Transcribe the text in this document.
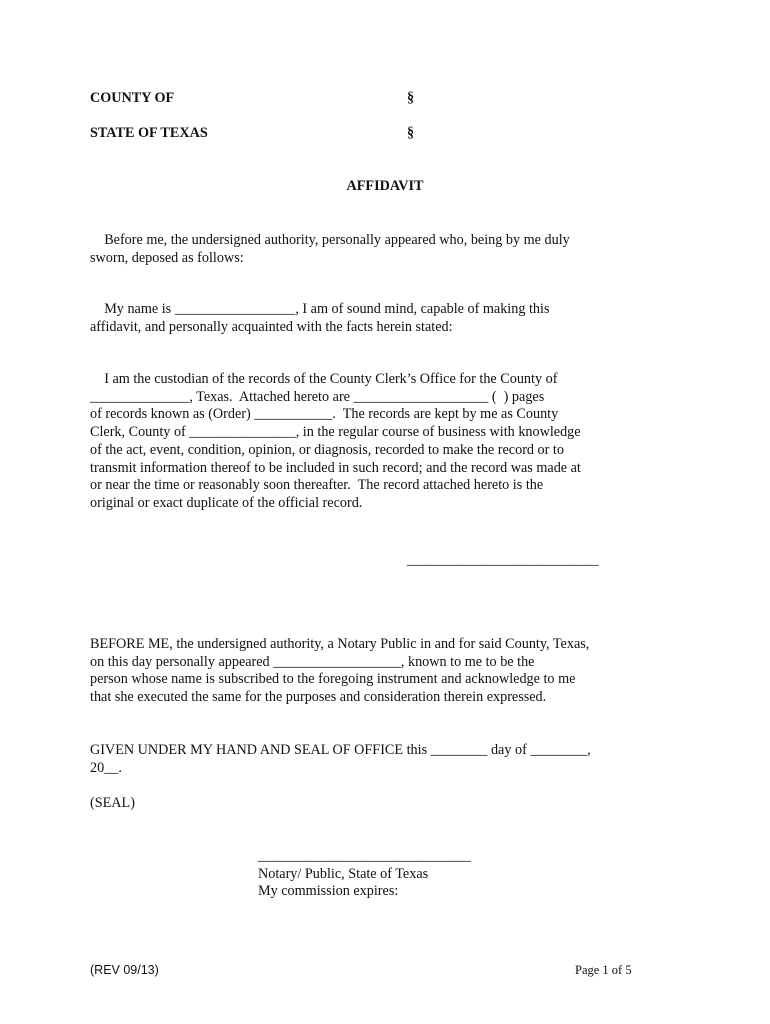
COUNTY OF	§
STATE OF TEXAS	§
AFFIDAVIT

Before me, the undersigned authority, personally appeared who, being by me duly

sworn, deposed as follows:

My name is _________________, I am of sound mind, capable of making this

affidavit, and personally acquainted with the facts herein stated:

I am the custodian of the records of the County Clerk’s Office for the County of

______________, Texas.  Attached hereto are ___________________ (  ) pages

of records known as (Order) ___________.  The records are kept by me as County

Clerk, County of _______________, in the regular course of business with knowledge

of the act, event, condition, opinion, or diagnosis, recorded to make the record or to

transmit information thereof to be included in such record; and the record was made at

or near the time or reasonably soon thereafter.  The record attached hereto is the

original or exact duplicate of the official record.

___________________________

BEFORE ME, the undersigned authority, a Notary Public in and for said County, Texas,

on this day personally appeared __________________, known to me to be the

person whose name is subscribed to the foregoing instrument and acknowledge to me

that she executed the same for the purposes and consideration therein expressed.

GIVEN UNDER MY HAND AND SEAL OF OFFICE this ________ day of ________,

20__.

(SEAL)
______________________________
Notary/ Public, State of Texas
My commission expires:
(REV 09/13)	Page 1 of 5
